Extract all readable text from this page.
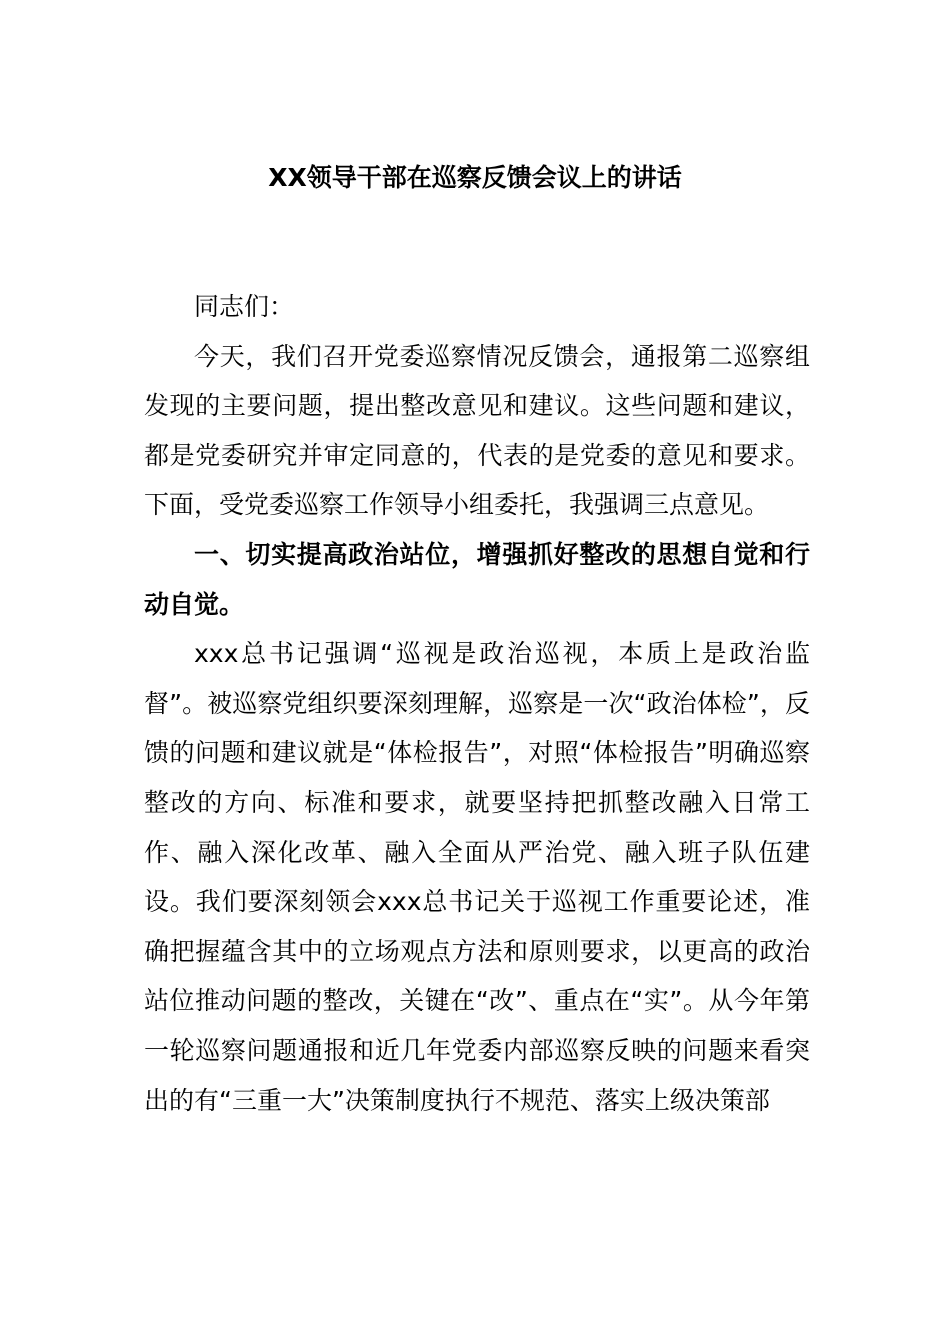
XX领导干部在巡察反馈会议上的讲话

同志们：

今天，我们召开党委巡察情况反馈会，通报第二巡察组发现的主要问题，提出整改意见和建议。这些问题和建议，都是党委研究并审定同意的，代表的是党委的意见和要求。下面，受党委巡察工作领导小组委托，我强调三点意见。

一、切实提高政治站位，增强抓好整改的思想自觉和行动自觉。

xxx总书记强调“巡视是政治巡视，本质上是政治监督”。被巡察党组织要深刻理解，巡察是一次“政治体检”，反馈的问题和建议就是“体检报告”，对照“体检报告”明确巡察整改的方向、标准和要求，就要坚持把抓整改融入日常工作、融入深化改革、融入全面从严治党、融入班子队伍建设。我们要深刻领会xxx总书记关于巡视工作重要论述，准确把握蕴含其中的立场观点方法和原则要求，以更高的政治站位推动问题的整改，关键在“改”、重点在“实”。从今年第一轮巡察问题通报和近几年党委内部巡察反映的问题来看突出的有“三重一大”决策制度执行不规范、落实上级决策部
